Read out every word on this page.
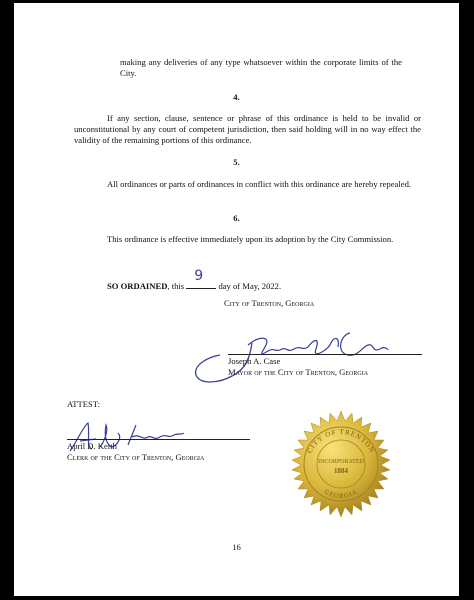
making any deliveries of any type whatsoever within the corporate limits of the City.
4.
If any section, clause, sentence or phrase of this ordinance is held to be invalid or unconstitutional by any court of competent jurisdiction, then said holding will in no way effect the validity of the remaining portions of this ordinance.
5.
All ordinances or parts of ordinances in conflict with this ordinance are hereby repealed.
6.
This ordinance is effective immediately upon its adoption by the City Commission.
SO ORDAINED, this
9
day of May, 2022.
City of Trenton, Georgia
Joseph A. Case
Mayor of the City of Trenton, Georgia
ATTEST:
April D. Keith
Clerk of the City of Trenton, Georgia
CITY OF TRENTON
INCORPORATED
1884
GEORGIA
16
